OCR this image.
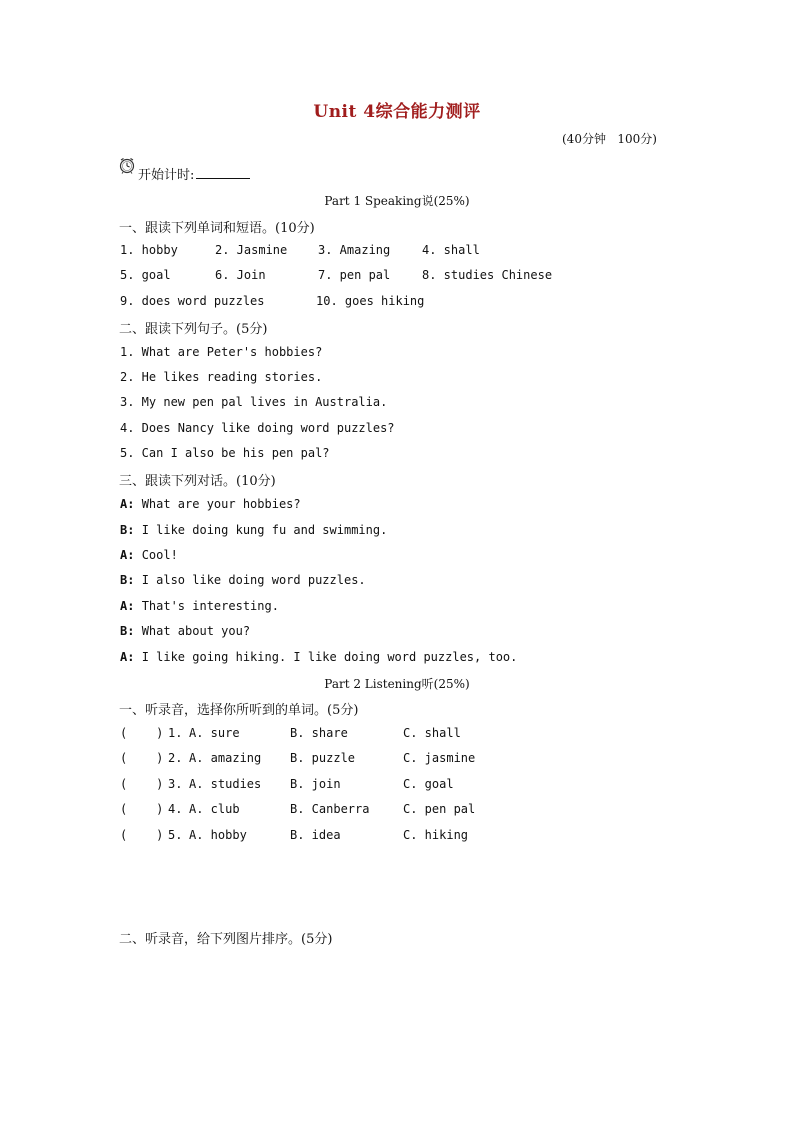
Unit 4综合能力测评
(40分钟   100分)
开始计时:
Part 1 Speaking说(25%)
一、跟读下列单词和短语。(10分)
1. hobby	2. Jasmine	3. Amazing	4. shall
5. goal	6. Join	7. pen pal	8. studies Chinese
9. does word puzzles	10. goes hiking
二、跟读下列句子。(5分)
1. What are Peter's hobbies?
2. He likes reading stories.
3. My new pen pal lives in Australia.
4. Does Nancy like doing word puzzles?
5. Can I also be his pen pal?
三、跟读下列对话。(10分)
A: What are your hobbies?
B: I like doing kung fu and swimming.
A: Cool!
B: I also like doing word puzzles.
A: That's interesting.
B: What about you?
A: I like going hiking. I like doing word puzzles, too.
Part 2 Listening听(25%)
一、听录音，选择你所听到的单词。(5分)
(    ) 1. A. sure	B. share	C. shall
(    ) 2. A. amazing B. puzzle	C. jasmine
(    ) 3. A. studies B. join	C. goal
(    ) 4. A. club	B. Canberra	C. pen pal
(    ) 5. A. hobby	B. idea	C. hiking
二、听录音，给下列图片排序。(5分)
